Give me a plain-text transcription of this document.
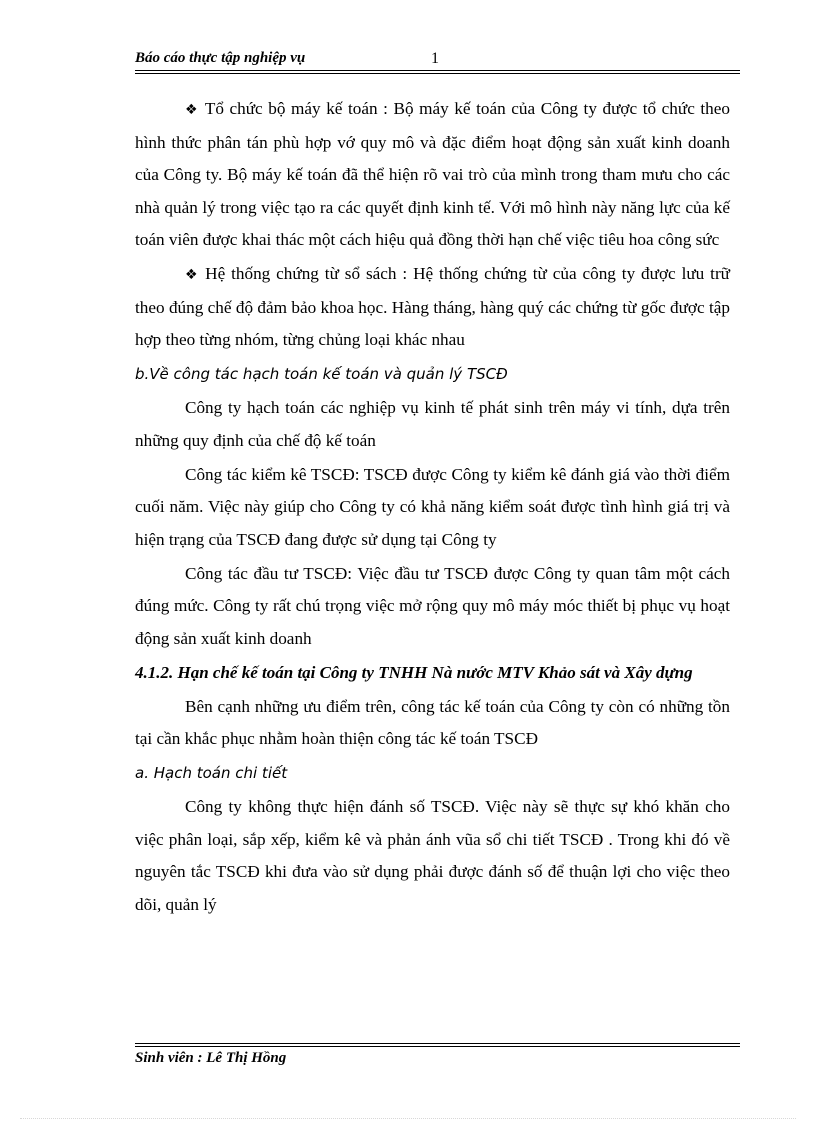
Báo cáo thực tập nghiệp vụ	1

❖ Tổ chức bộ máy kế toán : Bộ máy kế toán của Công ty được tổ chức theo hình thức phân tán phù hợp vớ quy mô và đặc điểm hoạt động sản xuất kinh doanh của Công ty. Bộ máy kế toán đã thể hiện rõ vai trò của mình trong tham mưu cho các nhà quản lý trong việc tạo ra các quyết định kinh tế. Với mô hình này năng lực của kế toán viên được khai thác một cách hiệu quả đồng thời hạn chế việc tiêu hoa công sức

❖ Hệ thống chứng từ sổ sách : Hệ thống chứng từ của công ty được lưu trữ theo đúng chế độ đảm bảo khoa học. Hàng tháng, hàng quý các chứng từ gốc được tập hợp theo từng nhóm, từng chủng loại khác nhau

b.Về công tác hạch toán kế toán và quản lý TSCĐ

Công ty hạch toán các nghiệp vụ kinh tế phát sinh trên máy vi tính, dựa trên những quy định của chế độ kế toán

Công tác kiểm kê TSCĐ: TSCĐ được Công ty kiểm kê đánh giá vào thời điểm cuối năm. Việc này giúp cho Công ty có khả năng kiểm soát được tình hình giá trị và hiện trạng của TSCĐ đang được sử dụng tại Công ty

Công tác đầu tư TSCĐ: Việc đầu tư TSCĐ được Công ty quan tâm một cách đúng mức. Công ty rất chú trọng việc mở rộng quy mô máy móc thiết bị phục vụ hoạt động sản xuất kinh doanh

4.1.2. Hạn chế kế toán tại Công ty TNHH Nà nước MTV Khảo sát và Xây dựng

Bên cạnh những ưu điểm trên, công tác kế toán của Công ty còn có những tồn tại cần khắc phục nhằm hoàn thiện công tác kế toán TSCĐ

a. Hạch toán chi tiết

Công ty không thực hiện đánh số TSCĐ. Việc này sẽ thực sự khó khăn cho việc phân loại, sắp xếp, kiểm kê và phản ánh vũa sổ chi tiết TSCĐ . Trong khi đó về nguyên tắc TSCĐ khi đưa vào sử dụng phải được đánh số để thuận lợi cho việc theo dõi, quản lý

Sinh viên : Lê Thị Hồng
